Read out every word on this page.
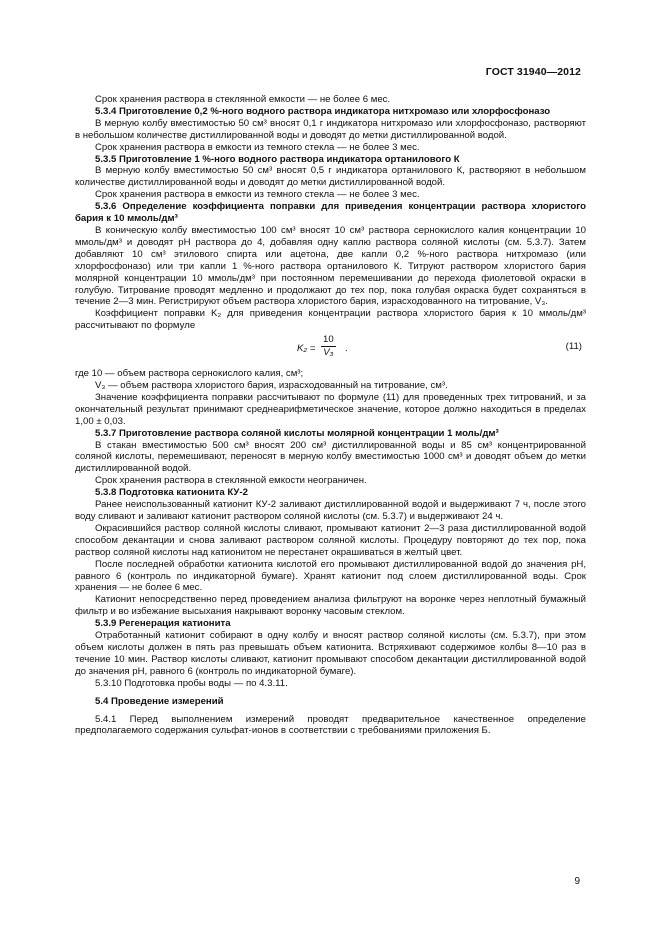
ГОСТ 31940—2012

Срок хранения раствора в стеклянной емкости — не более 6 мес.

5.3.4 Приготовление 0,2 %-ного водного раствора индикатора нитхромазо или хлорфосфоназо

В мерную колбу вместимостью 50 см³ вносят 0,1 г индикатора нитхромазо или хлорфосфоназо, растворяют в небольшом количестве дистиллированной воды и доводят до метки дистиллированной водой.

Срок хранения раствора в емкости из темного стекла — не более 3 мес.

5.3.5 Приготовление 1 %-ного водного раствора индикатора ортанилового К

В мерную колбу вместимостью 50 см³ вносят 0,5 г индикатора ортанилового К, растворяют в небольшом количестве дистиллированной воды и доводят до метки дистиллированной водой.

Срок хранения раствора в емкости из темного стекла — не более 3 мес.

5.3.6 Определение коэффициента поправки для приведения концентрации раствора хлористого бария к 10 ммоль/дм³

В коническую колбу вместимостью 100 см³ вносят 10 см³ раствора сернокислого калия концентрации 10 ммоль/дм³ и доводят рН раствора до 4, добавляя одну каплю раствора соляной кислоты (см. 5.3.7). Затем добавляют 10 см³ этилового спирта или ацетона, две капли 0,2 %-ного раствора нитхромазо (или хлорфосфоназо) или три капли 1 %-ного раствора ортанилового К. Титруют раствором хлористого бария молярной концентрации 10 ммоль/дм³ при постоянном перемешивании до перехода фиолетовой окраски в голубую. Титрование проводят медленно и продолжают до тех пор, пока голубая окраска будет сохраняться в течение 2—3 мин. Регистрируют объем раствора хлористого бария, израсходованного на титрование, V₃.

Коэффициент поправки K₂ для приведения концентрации раствора хлористого бария к 10 ммоль/дм³ рассчитывают по формуле

$K_2 = \frac{10}{\text{V₃}}$ .	(11)

где 10 — объем раствора сернокислого калия, см³;

V₃ — объем раствора хлористого бария, израсходованный на титрование, см³.

Значение коэффициента поправки рассчитывают по формуле (11) для проведенных трех титрований, и за окончательный результат принимают среднеарифметическое значение, которое должно находиться в пределах 1,00 ± 0,03.

5.3.7 Приготовление раствора соляной кислоты молярной концентрации 1 моль/дм³

В стакан вместимостью 500 см³ вносят 200 см³ дистиллированной воды и 85 см³ концентрированной соляной кислоты, перемешивают, переносят в мерную колбу вместимостью 1000 см³ и доводят объем до метки дистиллированной водой.

Срок хранения раствора в стеклянной емкости неограничен.

5.3.8 Подготовка катионита КУ-2

Ранее неиспользованный катионит КУ-2 заливают дистиллированной водой и выдерживают 7 ч, после этого воду сливают и заливают катионит раствором соляной кислоты (см. 5.3.7) и выдерживают 24 ч.

Окрасившийся раствор соляной кислоты сливают, промывают катионит 2—3 раза дистиллированной водой способом декантации и снова заливают раствором соляной кислоты. Процедуру повторяют до тех пор, пока раствор соляной кислоты над катионитом не перестанет окрашиваться в желтый цвет.

После последней обработки катионита кислотой его промывают дистиллированной водой до значения рН, равного 6 (контроль по индикаторной бумаге). Хранят катионит под слоем дистиллированной воды. Срок хранения — не более 6 мес.

Катионит непосредственно перед проведением анализа фильтруют на воронке через неплотный бумажный фильтр и во избежание высыхания накрывают воронку часовым стеклом.

5.3.9 Регенерация катионита

Отработанный катионит собирают в одну колбу и вносят раствор соляной кислоты (см. 5.3.7), при этом объем кислоты должен в пять раз превышать объем катионита. Встряхивают содержимое колбы 8—10 раз в течение 10 мин. Раствор кислоты сливают, катионит промывают способом декантации дистиллированной водой до значения рН, равного 6 (контроль по индикаторной бумаге).

5.3.10 Подготовка пробы воды — по 4.3.11.

5.4 Проведение измерений

5.4.1 Перед выполнением измерений проводят предварительное качественное определение предполагаемого содержания сульфат-ионов в соответствии с требованиями приложения Б.

9
